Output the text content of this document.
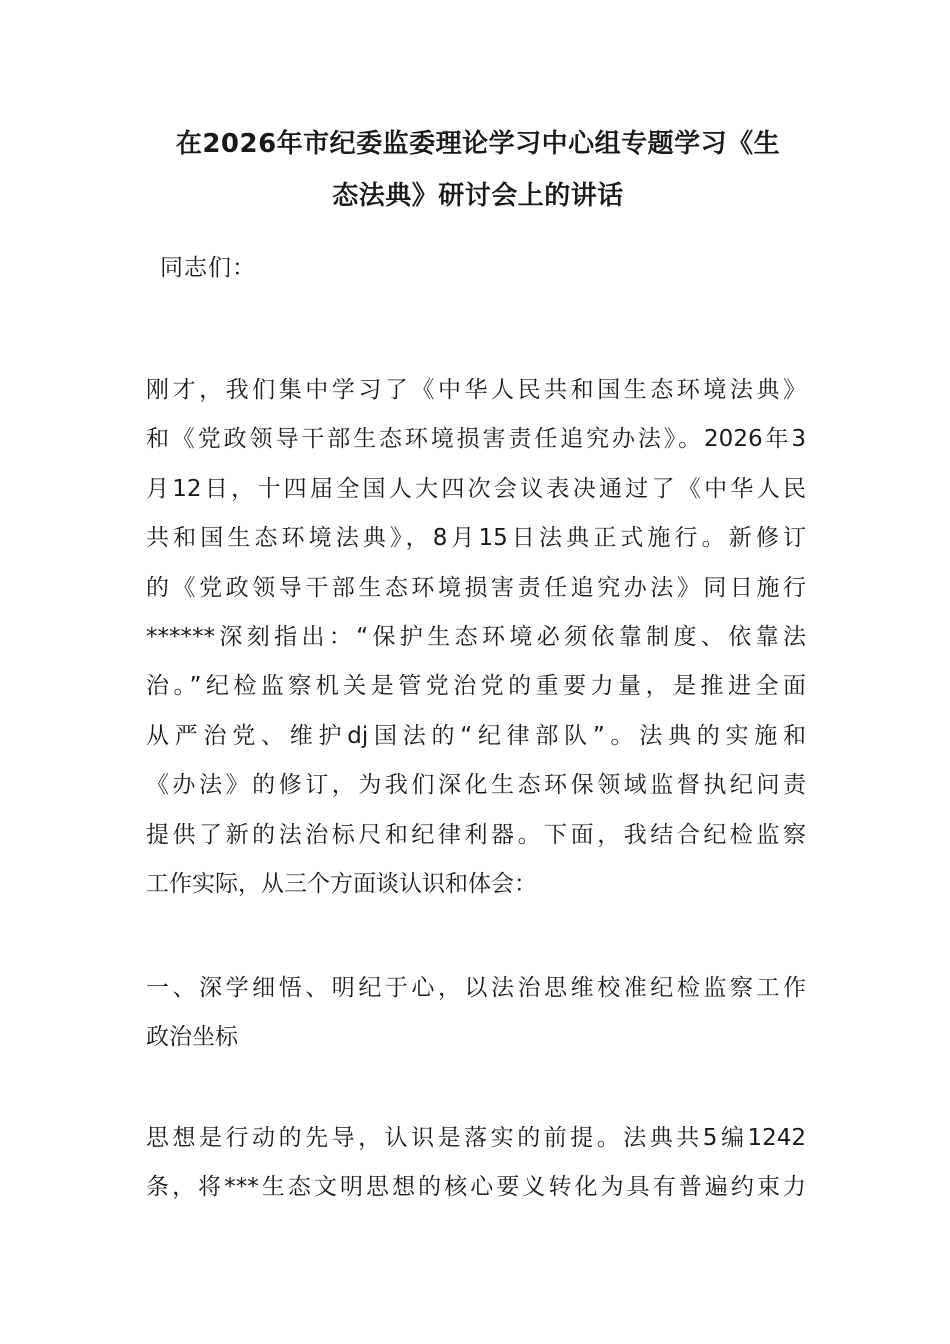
在2026年市纪委监委理论学习中心组专题学习《生
态法典》研讨会上的讲话
同志们：
刚才，我们集中学习了《中华人民共和国生态环境法典》
和《党政领导干部生态环境损害责任追究办法》。2026年3
月12日，十四届全国人大四次会议表决通过了《中华人民
共和国生态环境法典》，8月15日法典正式施行。新修订
的《党政领导干部生态环境损害责任追究办法》同日施行
******深刻指出：“保护生态环境必须依靠制度、依靠法
治。”纪检监察机关是管党治党的重要力量，是推进全面
从严治党、维护dj国法的“纪律部队”。法典的实施和
《办法》的修订，为我们深化生态环保领域监督执纪问责
提供了新的法治标尺和纪律利器。下面，我结合纪检监察
工作实际，从三个方面谈认识和体会：
一、深学细悟、明纪于心，以法治思维校准纪检监察工作
政治坐标
思想是行动的先导，认识是落实的前提。法典共5编1242
条，将***生态文明思想的核心要义转化为具有普遍约束力
